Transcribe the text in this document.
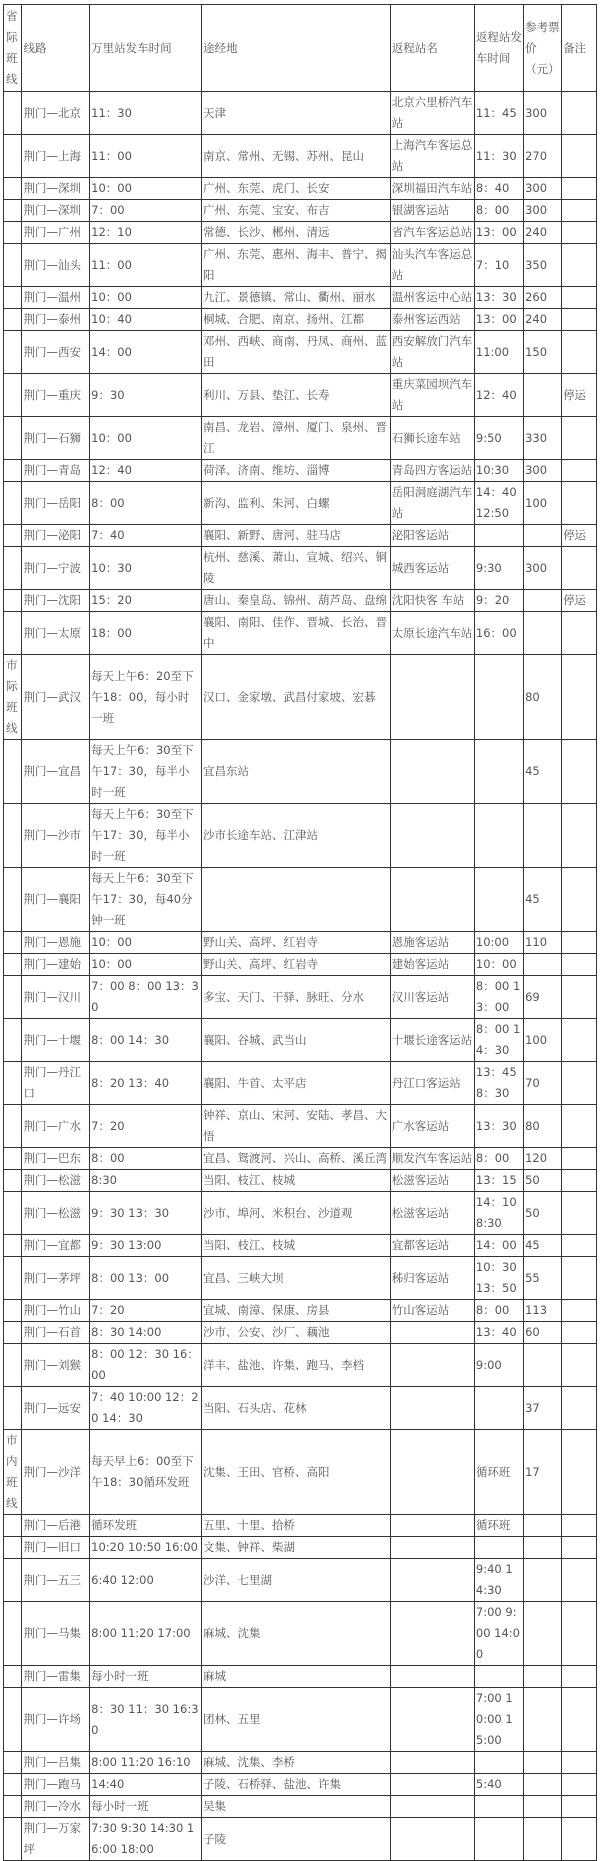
省际班线	线路	万里站发车时间	途经地	返程站名	返程站发车时间	参考票价（元）	备注
	荆门—北京	11：30	天津	北京六里桥汽车站	11：45	300	
	荆门—上海	11：00	南京、常州、无锡、苏州、昆山	上海汽车客运总站	11：30	270	
	荆门—深圳	10：00	广州、东莞、虎门、长安	深圳福田汽车站	8：40	300	
	荆门—深圳	7：00	广州、东莞、宝安、布吉	银湖客运站	8：00	300	
	荆门—广州	12：10	常德、长沙、郴州、清远	省汽车客运总站	13：00	240	
	荆门—汕头	11：00	广州、东莞、惠州、海丰、普宁、揭阳	汕头汽车客运总站	7：10	350	
	荆门—温州	10：00	九江、景德镇、常山、衢州、丽水	温州客运中心站	13：30	260	
	荆门—泰州	10：40	桐城、合肥、南京、扬州、江都	泰州客运西站	13：00	240	
	荆门—西安	14：00	邓州、西峡、商南、丹凤、商州、蓝田	西安解放门汽车站	11:00	150	
	荆门—重庆	9：30	利川、万县、垫江、长寿	重庆菜园坝汽车站	12：40		停运
	荆门—石狮	10：00	南昌、龙岩、漳州、厦门、泉州、晋江	石狮长途车站	9:50	330	
	荆门—青岛	12：40	荷泽、济南、维坊、淄博	青岛四方客运站	10:30	300	
	荆门—岳阳	8：00	新沟、监利、朱河、白螺	岳阳洞庭湖汽车站	14：40 12:50	100	
	荆门—泌阳	7：40	襄阳、新野、唐河、驻马店	泌阳客运站			停运
	荆门—宁波	10：30	杭州、慈溪、萧山、宣城、绍兴、铜陵	城西客运站	9:30	300	
	荆门—沈阳	15：20	唐山、秦皇岛、锦州、葫芦岛、盘绵	沈阳快客 车站	9：20		停运
	荆门—太原	18：00	襄阳、南阳、佳作、晋城、长治、晋中	太原长途汽车站	16：00		
市际班线	荆门—武汉	每天上午6：20至下午18：00，每小时一班	汉口、金家墩、武昌付家坡、宏碁			80	
	荆门—宜昌	每天上午6：30至下午17：30，每半小时一班	宜昌东站			45	
	荆门—沙市	每天上午6：30至下午17：30，每半小时一班	沙市长途车站、江津站				
	荆门—襄阳	每天上午6：30至下午17：30，每40分钟一班				45	
	荆门—恩施	10：00	野山关、高坪、红岩寺	恩施客运站	10:00	110	
	荆门—建始	10：00	野山关、高坪、红岩寺	建始客运站	10：00		
	荆门—汉川	7：00 8：00 13：30	多宝、天门、干驿、脉旺、分水	汉川客运站	8：00 13：00	69	
	荆门—十堰	8：00 14：30	襄阳、谷城、武当山	十堰长途客运站	8：00 14：30	100	
	荆门—丹江口	8：20 13：40	襄阳、牛首、太平店	丹江口客运站	13：45 8：30	70	
	荆门—广水	7：20	钟祥、京山、宋河、安陆、孝昌、大悟	广水客运站	13：30	80	
	荆门—巴东	8：00	宜昌、鸳渡河、兴山、高桥、溪丘湾	顺发汽车客运站	8：00	120	
	荆门—松滋	8:30	当阳、枝江、枝城	松滋客运站	13：15	50	
	荆门—松滋	9：30 13：30	沙市、埠河、米积台、沙道观	松滋客运站	14：10 8:30	50	
	荆门—宜都	9：30 13:00	当阳、枝江、枝城	宜都客运站	14：00	45	
	荆门—茅坪	8：00 13：00	宜昌、三峡大坝	秭归客运站	10：30 13：50	55	
	荆门—竹山	7：20	宜城、南漳、保康、房县	竹山客运站	8：00	113	
	荆门—石首	8：30 14:00	沙市、公安、沙厂、藕池		13：40	60	
	荆门—刘猴	8：00 12：30 16：00	洋丰、盐池、许集、跑马、李档		9:00		
	荆门—远安	7：40 10:00 12：20 14：30	当阳、石头店、花林			37	
市内班线	荆门—沙洋	每天早上6：00至下午18：30循环发班	沈集、王田、官桥、高阳		循环班	17	
	荆门—后港	循环发班	五里、十里、拾桥		循环班		
	荆门—旧口	10:20 10:50 16:00	文集、钟祥、柴湖				
	荆门—五三	6:40 12:00	沙洋、七里湖		9:40 14:30		
	荆门—马集	8:00 11:20 17:00	麻城、沈集		7:00 9:00 14:00		
	荆门—雷集	每小时一班	麻城				
	荆门—许场	8：30 11：30 16:30	团林、五里		7:00 10:00 15:00		
	荆门—吕集	8:00 11:20 16:10	麻城、沈集、李桥				
	荆门—跑马	14:40	子陵、石桥驿、盐池、许集		5:40		
	荆门—冷水	每小时一班	吴集				
	荆门—万家坪	7:30 9:30 14:30 16:00 18:00	子陵				
